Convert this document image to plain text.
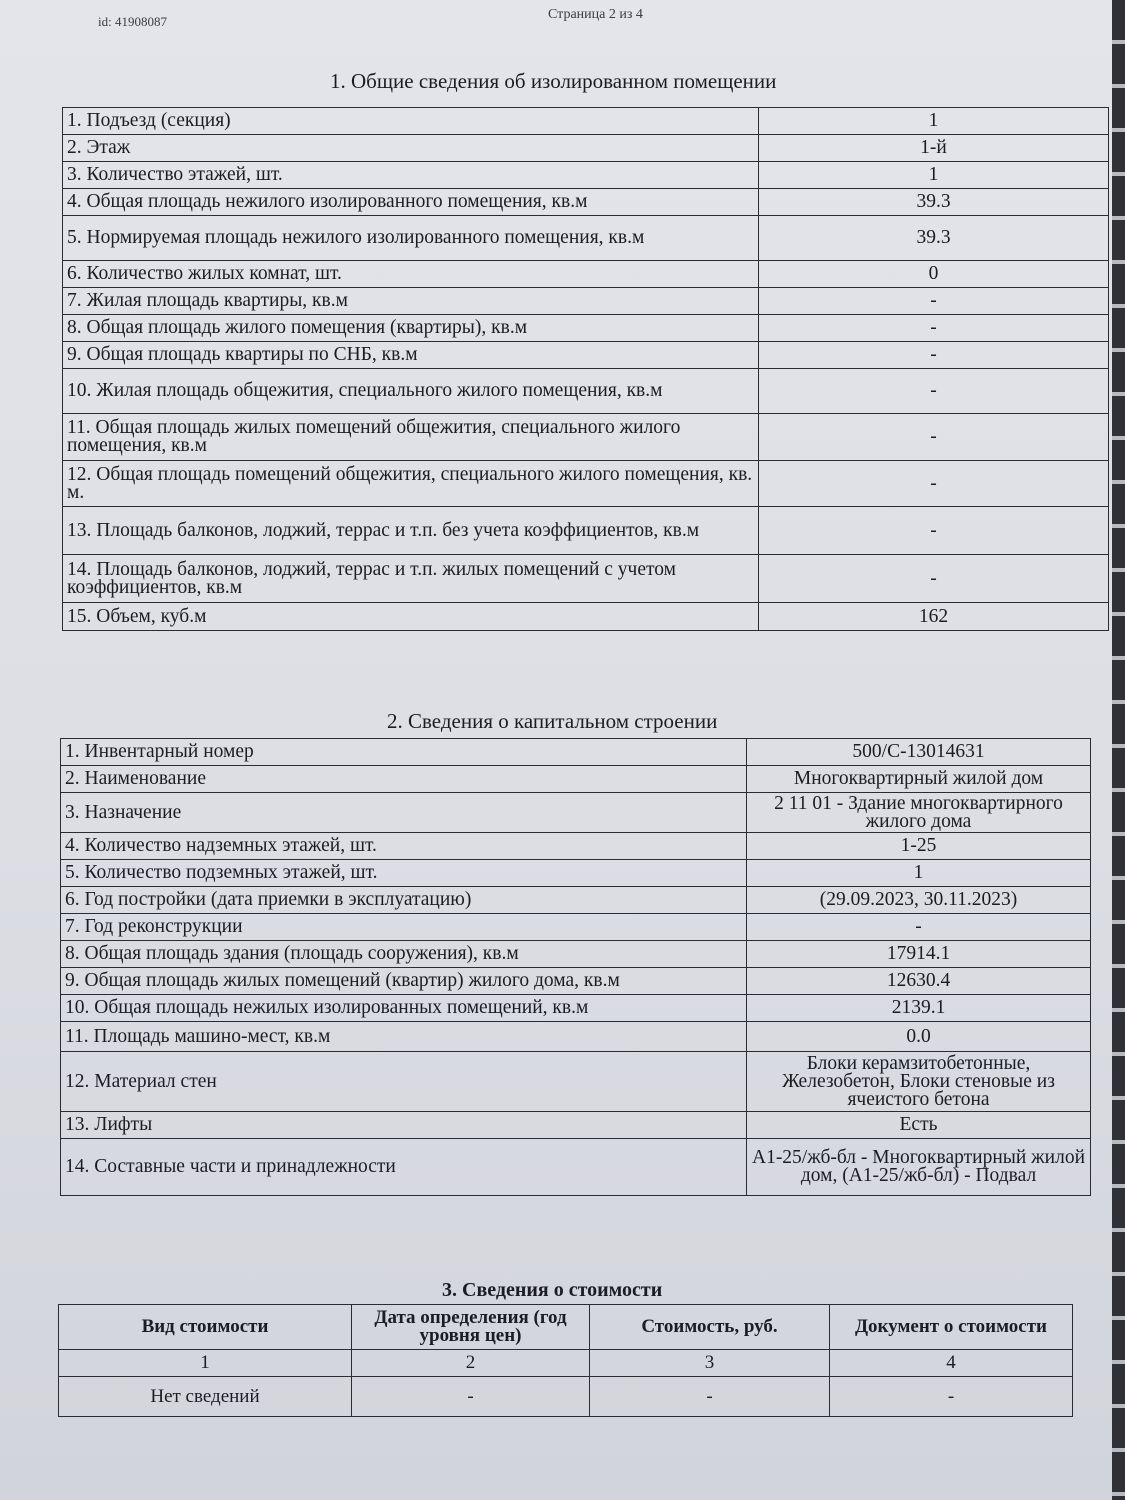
id: 41908087	Страница 2 из 4
1. Общие сведения об изолированном помещении
1. Подъезд (секция)	1
2. Этаж	1-й
3. Количество этажей, шт.	1
4. Общая площадь нежилого изолированного помещения, кв.м	39.3
5. Нормируемая площадь нежилого изолированного помещения, кв.м	39.3
6. Количество жилых комнат, шт.	0
7. Жилая площадь квартиры, кв.м	-
8. Общая площадь жилого помещения (квартиры), кв.м	-
9. Общая площадь квартиры по СНБ, кв.м	-
10. Жилая площадь общежития, специального жилого помещения, кв.м	-
11. Общая площадь жилых помещений общежития, специального жилого помещения, кв.м	-
12. Общая площадь помещений общежития, специального жилого помещения, кв. м.	-
13. Площадь балконов, лоджий, террас и т.п. без учета коэффициентов, кв.м	-
14. Площадь балконов, лоджий, террас и т.п. жилых помещений с учетом коэффициентов, кв.м	-
15. Объем, куб.м	162
2. Сведения о капитальном строении
1. Инвентарный номер	500/С-13014631
2. Наименование	Многоквартирный жилой дом
3. Назначение	2 11 01 - Здание многоквартирного жилого дома
4. Количество надземных этажей, шт.	1-25
5. Количество подземных этажей, шт.	1
6. Год постройки (дата приемки в эксплуатацию)	(29.09.2023, 30.11.2023)
7. Год реконструкции	-
8. Общая площадь здания (площадь сооружения), кв.м	17914.1
9. Общая площадь жилых помещений (квартир) жилого дома, кв.м	12630.4
10. Общая площадь нежилых изолированных помещений, кв.м	2139.1
11. Площадь машино-мест, кв.м	0.0
12. Материал стен	Блоки керамзитобетонные, Железобетон, Блоки стеновые из ячеистого бетона
13. Лифты	Есть
14. Составные части и принадлежности	А1-25/жб-бл - Многоквартирный жилой дом, (А1-25/жб-бл) - Подвал
3. Сведения о стоимости
Вид стоимости	Дата определения (год уровня цен)	Стоимость, руб.	Документ о стоимости
1	2	3	4
Нет сведений	-	-	-
